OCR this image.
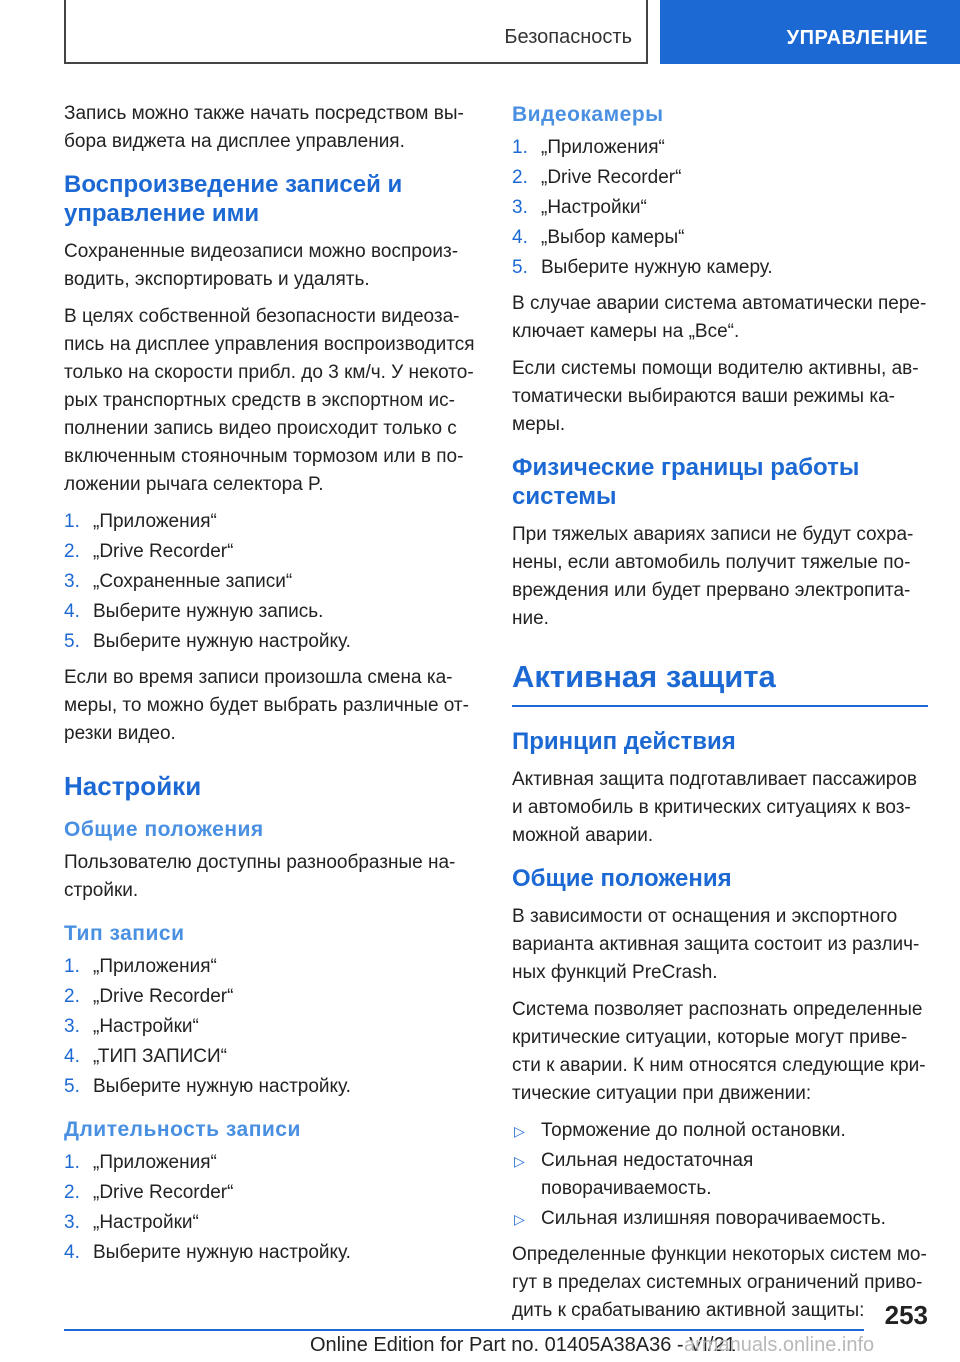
Безопасность	УПРАВЛЕНИЕ

Запись можно также начать посредством вы- бора виджета на дисплее управления.

Воспроизведение записей и управление ими

Сохраненные видеозаписи можно воспроиз- водить, экспортировать и удалять.

В целях собственной безопасности видеоза- пись на дисплее управления воспроизводится только на скорости прибл. до 3 км/ч. У некото- рых транспортных средств в экспортном ис- полнении запись видео происходит только с включенным стояночным тормозом или в по- ложении рычага селектора P.

1. „Приложения“
2. „Drive Recorder“
3. „Сохраненные записи“
4. Выберите нужную запись.
5. Выберите нужную настройку.

Если во время записи произошла смена ка- меры, то можно будет выбрать различные от- резки видео.

Настройки
Общие положения

Пользователю доступны разнообразные на- стройки.

Тип записи
1. „Приложения“
2. „Drive Recorder“
3. „Настройки“
4. „ТИП ЗАПИСИ“
5. Выберите нужную настройку.
Длительность записи
1. „Приложения“
2. „Drive Recorder“
3. „Настройки“
4. Выберите нужную настройку.
Видеокамеры
1. „Приложения“
2. „Drive Recorder“
3. „Настройки“
4. „Выбор камеры“
5. Выберите нужную камеру.

В случае аварии система автоматически пере- ключает камеры на „Все“.

Если системы помощи водителю активны, ав- томатически выбираются ваши режимы ка- меры.

Физические границы работы системы

При тяжелых авариях записи не будут сохра- нены, если автомобиль получит тяжелые по- вреждения или будет прервано электропита- ние.

Активная защита
Принцип действия

Активная защита подготавливает пассажиров и автомобиль в критических ситуациях к воз- можной аварии.

Общие положения

В зависимости от оснащения и экспортного варианта активная защита состоит из различ- ных функций PreCrash.

Система позволяет распознать определенные критические ситуации, которые могут приве- сти к аварии. К ним относятся следующие кри- тические ситуации при движении:

▷ Торможение до полной остановки.
▷ Сильная недостаточная поворачиваемость.
▷ Сильная излишняя поворачиваемость.

Определенные функции некоторых систем мо- гут в пределах системных ограничений приво- дить к срабатыванию активной защиты: 253
Online Edition for Part no. 01405A38A36 - VI/21
armanuals.online.info
